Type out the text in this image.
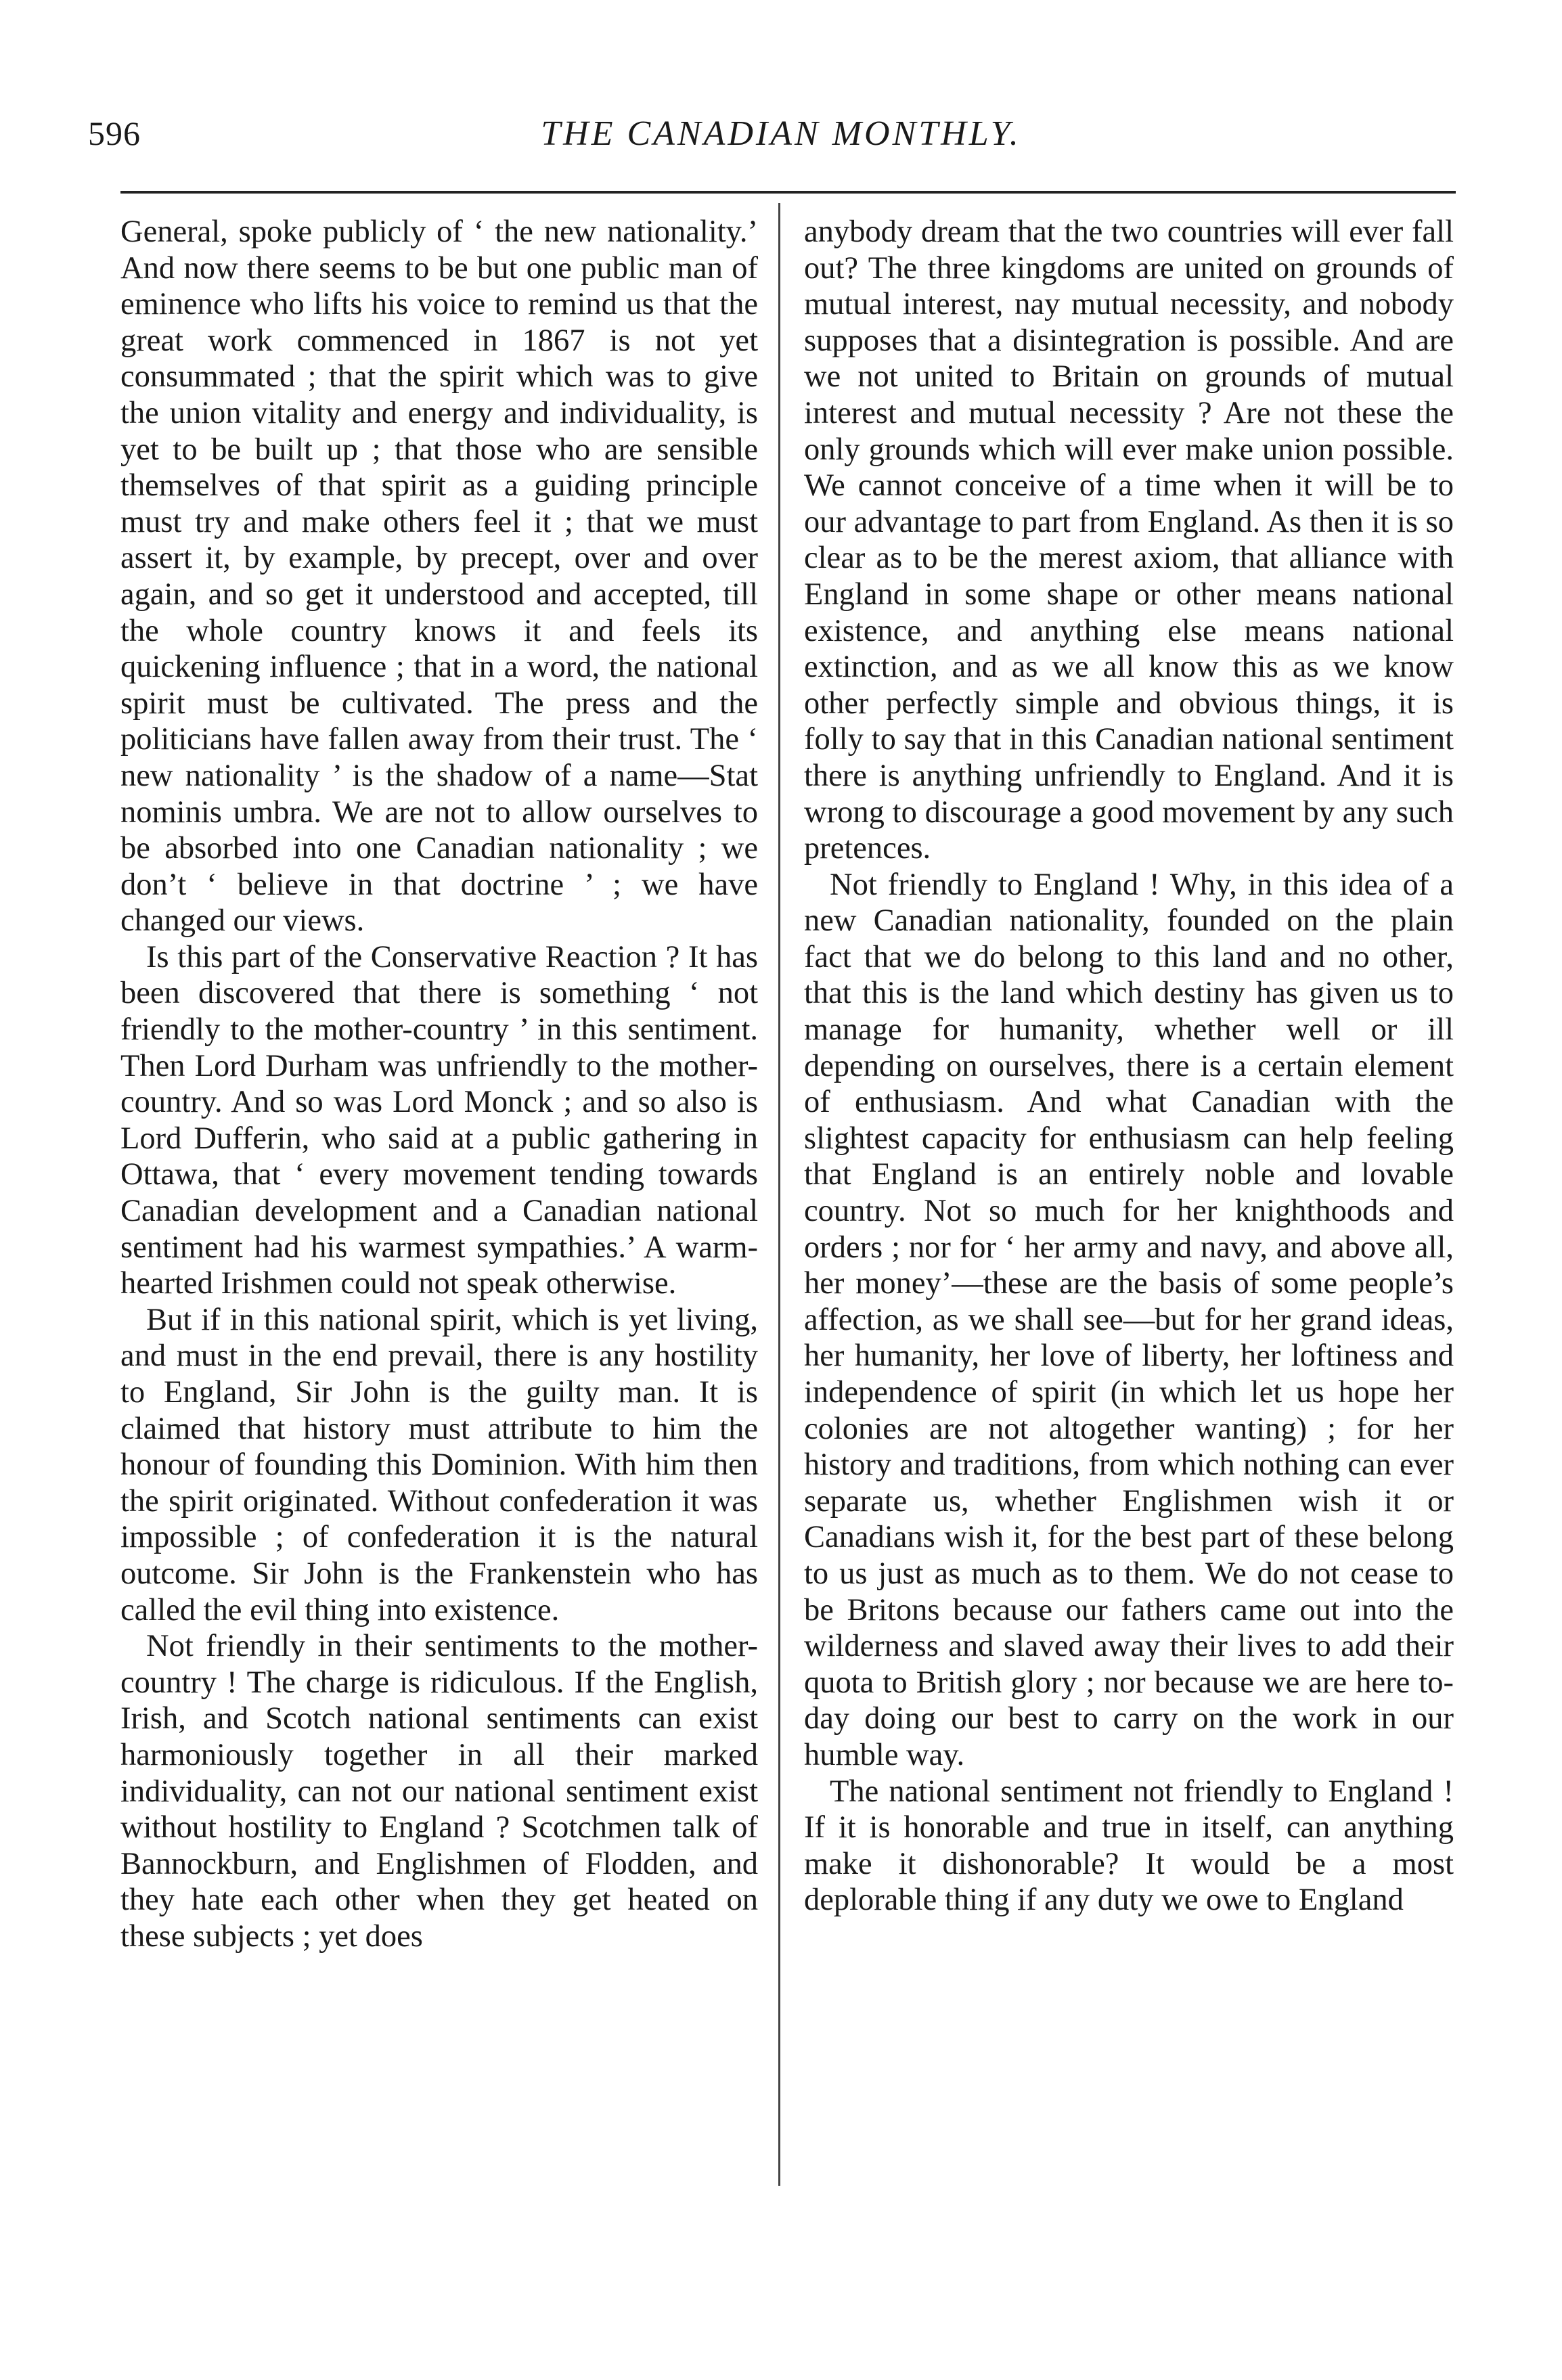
596	THE CANADIAN MONTHLY.

General, spoke publicly of ‘ the new nationality.’ And now there seems to be but one public man of eminence who lifts his voice to remind us that the great work commenced in 1867 is not yet consummated ; that the spirit which was to give the union vitality and energy and individuality, is yet to be built up ; that those who are sensible themselves of that spirit as a guiding principle must try and make others feel it ; that we must assert it, by example, by precept, over and over again, and so get it understood and accepted, till the whole country knows it and feels its quickening influence ; that in a word, the national spirit must be cultivated. The press and the politicians have fallen away from their trust. The ‘ new nationality ’ is the shadow of a name—Stat nominis umbra. We are not to allow ourselves to be absorbed into one Canadian nationality ; we don’t ‘ believe in that doctrine ’ ; we have changed our views.

Is this part of the Conservative Reaction ? It has been discovered that there is something ‘ not friendly to the mother-country ’ in this sentiment. Then Lord Durham was unfriendly to the mother-country. And so was Lord Monck ; and so also is Lord Dufferin, who said at a public gathering in Ottawa, that ‘ every movement tending towards Canadian development and a Canadian national sentiment had his warmest sympathies.’ A warm-hearted Irishmen could not speak otherwise.

But if in this national spirit, which is yet living, and must in the end prevail, there is any hostility to England, Sir John is the guilty man. It is claimed that history must attribute to him the honour of founding this Dominion. With him then the spirit originated. Without confederation it was impossible ; of confederation it is the natural outcome. Sir John is the Frankenstein who has called the evil thing into existence.

Not friendly in their sentiments to the mother-country ! The charge is ridiculous. If the English, Irish, and Scotch national sentiments can exist harmoniously together in all their marked individuality, can not our national sentiment exist without hostility to England ? Scotchmen talk of Bannockburn, and Englishmen of Flodden, and they hate each other when they get heated on these subjects ; yet does

anybody dream that the two countries will ever fall out? The three kingdoms are united on grounds of mutual interest, nay mutual necessity, and nobody supposes that a disintegration is possible. And are we not united to Britain on grounds of mutual interest and mutual necessity ? Are not these the only grounds which will ever make union possible. We cannot conceive of a time when it will be to our advantage to part from England. As then it is so clear as to be the merest axiom, that alliance with England in some shape or other means national existence, and anything else means national extinction, and as we all know this as we know other perfectly simple and obvious things, it is folly to say that in this Canadian national sentiment there is anything unfriendly to England. And it is wrong to discourage a good movement by any such pretences.

Not friendly to England ! Why, in this idea of a new Canadian nationality, founded on the plain fact that we do belong to this land and no other, that this is the land which destiny has given us to manage for humanity, whether well or ill depending on ourselves, there is a certain element of enthusiasm. And what Canadian with the slightest capacity for enthusiasm can help feeling that England is an entirely noble and lovable country. Not so much for her knighthoods and orders ; nor for ‘ her army and navy, and above all, her money’—these are the basis of some people’s affection, as we shall see—but for her grand ideas, her humanity, her love of liberty, her loftiness and independence of spirit (in which let us hope her colonies are not altogether wanting) ; for her history and traditions, from which nothing can ever separate us, whether Englishmen wish it or Canadians wish it, for the best part of these belong to us just as much as to them. We do not cease to be Britons because our fathers came out into the wilderness and slaved away their lives to add their quota to British glory ; nor because we are here to-day doing our best to carry on the work in our humble way.

The national sentiment not friendly to England ! If it is honorable and true in itself, can anything make it dishonorable? It would be a most deplorable thing if any duty we owe to England
